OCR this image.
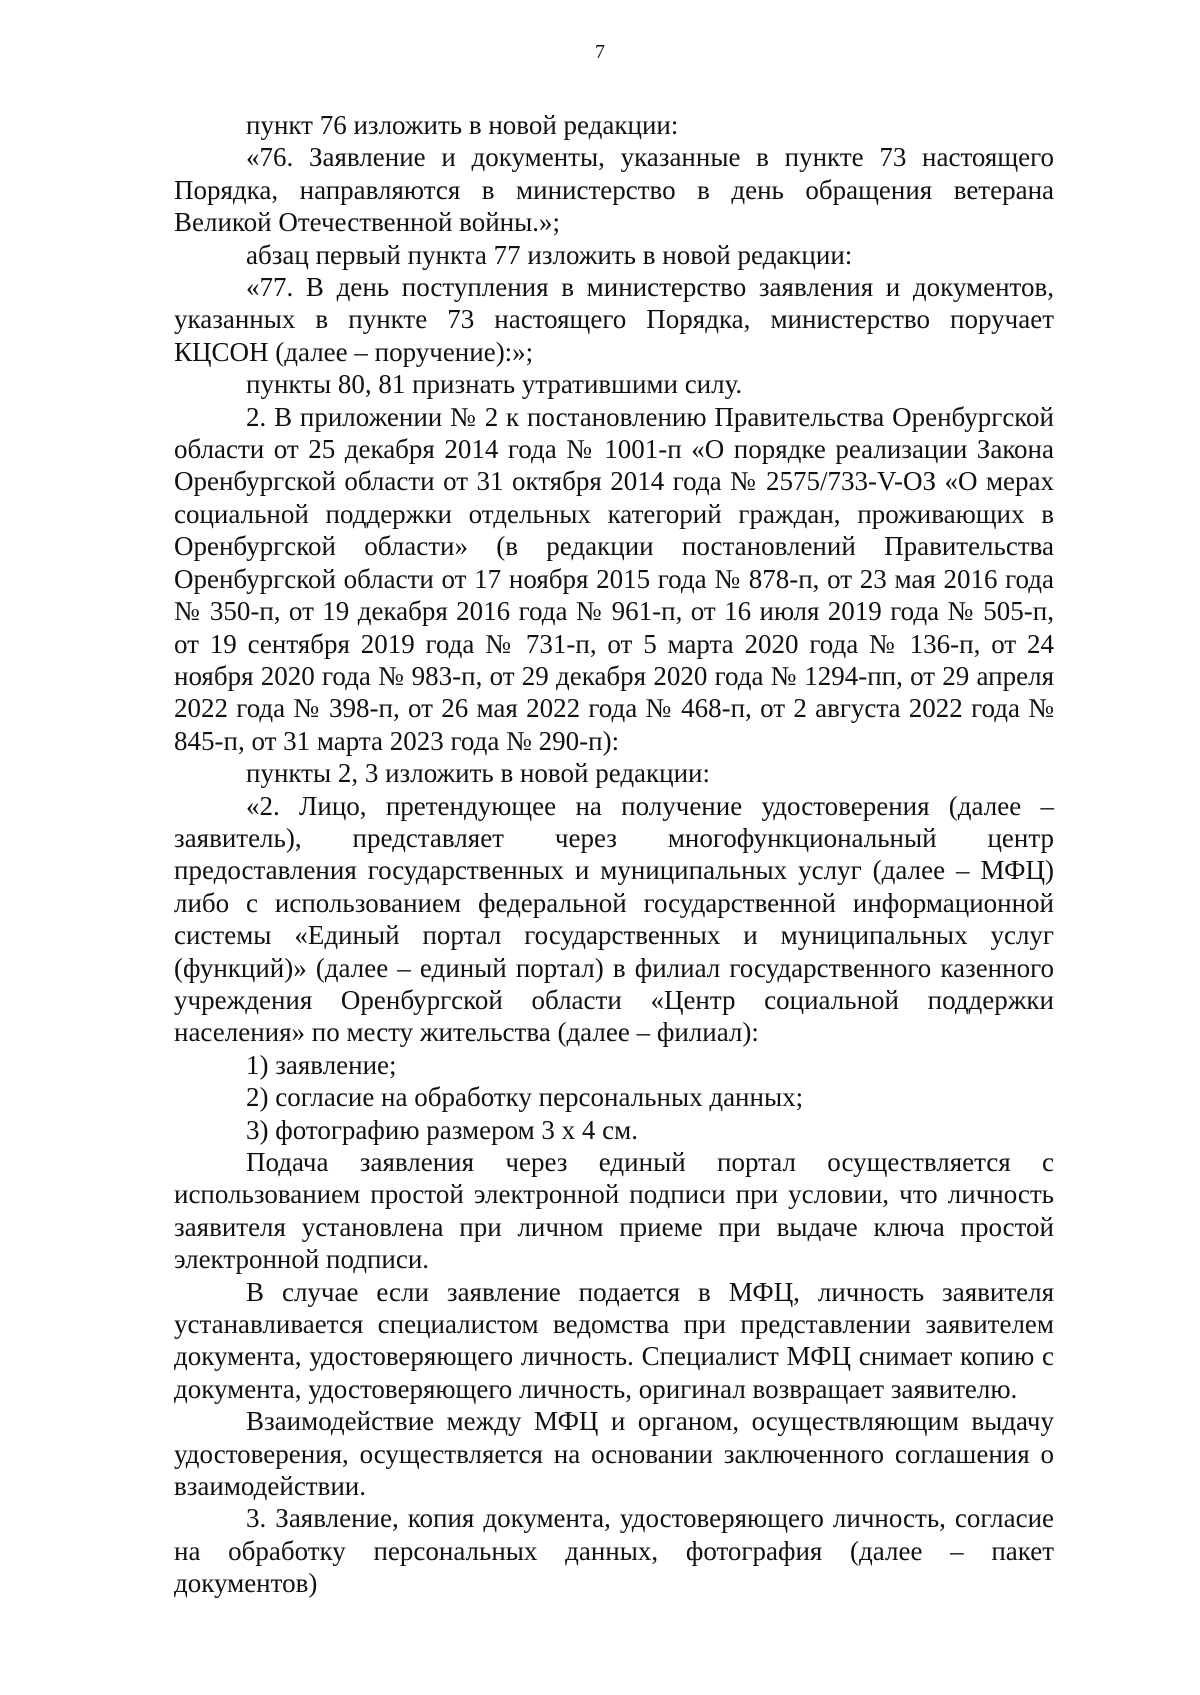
7

пункт 76 изложить в новой редакции:

«76. Заявление и документы, указанные в пункте 73 настоящего Порядка, направляются в министерство в день обращения ветерана Великой Отечественной войны.»;

абзац первый пункта 77 изложить в новой редакции:

«77. В день поступления в министерство заявления и документов, указанных в пункте 73 настоящего Порядка, министерство поручает КЦСОН (далее – поручение):»;

пункты 80, 81 признать утратившими силу.

2. В приложении № 2 к постановлению Правительства Оренбургской области от 25 декабря 2014 года № 1001-п «О порядке реализации Закона Оренбургской области от 31 октября 2014 года № 2575/733-V-ОЗ «О мерах социальной поддержки отдельных категорий граждан, проживающих в Оренбургской области» (в редакции постановлений Правительства Оренбургской области от 17 ноября 2015 года № 878-п, от 23 мая 2016 года № 350-п, от 19 декабря 2016 года № 961-п, от 16 июля 2019 года № 505-п, от 19 сентября 2019 года № 731-п, от 5 марта 2020 года № 136-п, от 24 ноября 2020 года № 983-п, от 29 декабря 2020 года № 1294-пп, от 29 апреля 2022 года № 398-п, от 26 мая 2022 года № 468-п, от 2 августа 2022 года № 845-п, от 31 марта 2023 года № 290-п):

пункты 2, 3 изложить в новой редакции:

«2. Лицо, претендующее на получение удостоверения (далее – заявитель), представляет через многофункциональный центр предоставления государственных и муниципальных услуг (далее – МФЦ) либо с использованием федеральной государственной информационной системы «Единый портал государственных и муниципальных услуг (функций)» (далее – единый портал) в филиал государственного казенного учреждения Оренбургской области «Центр социальной поддержки населения» по месту жительства (далее – филиал):

1) заявление;

2) согласие на обработку персональных данных;

3) фотографию размером 3 x 4 см.

Подача заявления через единый портал осуществляется с использованием простой электронной подписи при условии, что личность заявителя установлена при личном приеме при выдаче ключа простой электронной подписи.

В случае если заявление подается в МФЦ, личность заявителя устанавливается специалистом ведомства при представлении заявителем документа, удостоверяющего личность. Специалист МФЦ снимает копию с документа, удостоверяющего личность, оригинал возвращает заявителю.

Взаимодействие между МФЦ и органом, осуществляющим выдачу удостоверения, осуществляется на основании заключенного соглашения о взаимодействии.

3. Заявление, копия документа, удостоверяющего личность, согласие на обработку персональных данных, фотография (далее – пакет документов)
